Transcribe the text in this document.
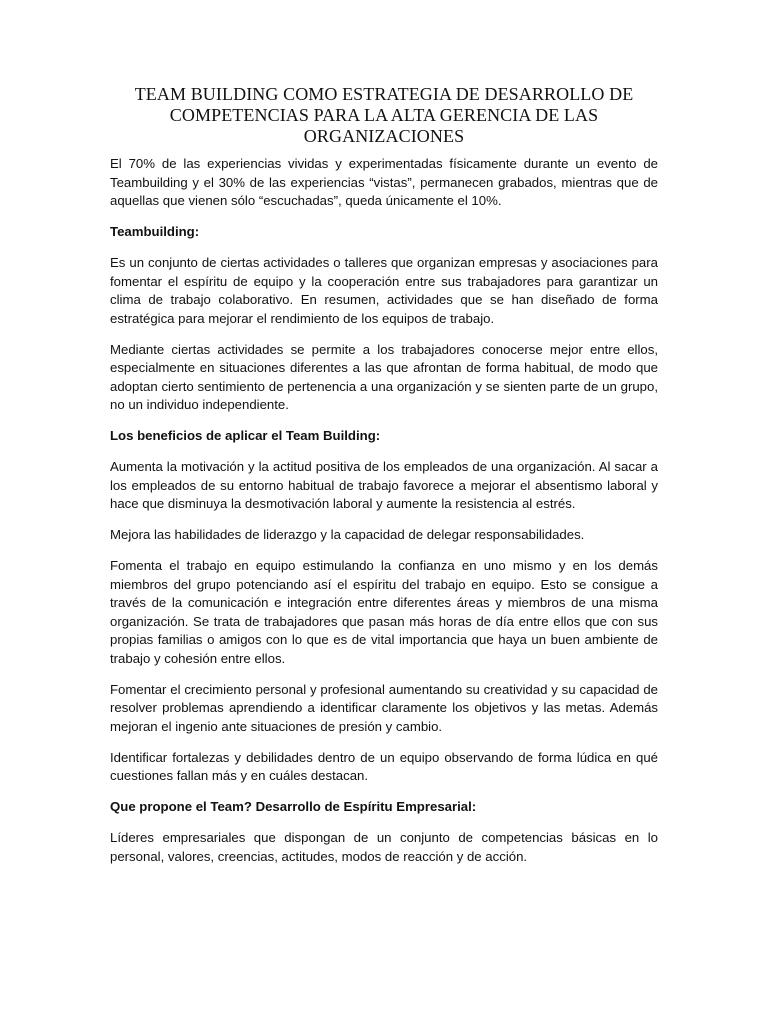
TEAM BUILDING COMO ESTRATEGIA DE DESARROLLO DE
COMPETENCIAS PARA LA ALTA GERENCIA DE LAS
ORGANIZACIONES

El 70% de las experiencias vividas y experimentadas físicamente durante un evento de Teambuilding y el 30% de las experiencias “vistas”, permanecen grabados, mientras que de aquellas que vienen sólo “escuchadas”, queda únicamente el 10%.

Teambuilding:

Es un conjunto de ciertas actividades o talleres que organizan empresas y asociaciones para fomentar el espíritu de equipo y la cooperación entre sus trabajadores para garantizar un clima de trabajo colaborativo. En resumen, actividades que se han diseñado de forma estratégica para mejorar el rendimiento de los equipos de trabajo.

Mediante ciertas actividades se permite a los trabajadores conocerse mejor entre ellos, especialmente en situaciones diferentes a las que afrontan de forma habitual, de modo que adoptan cierto sentimiento de pertenencia a una organización y se sienten parte de un grupo, no un individuo independiente.

Los beneficios de aplicar el Team Building:

Aumenta la motivación y la actitud positiva de los empleados de una organización. Al sacar a los empleados de su entorno habitual de trabajo favorece a mejorar el absentismo laboral y hace que disminuya la desmotivación laboral y aumente la resistencia al estrés.

Mejora las habilidades de liderazgo y la capacidad de delegar responsabilidades.

Fomenta el trabajo en equipo estimulando la confianza en uno mismo y en los demás miembros del grupo potenciando así el espíritu del trabajo en equipo. Esto se consigue a través de la comunicación e integración entre diferentes áreas y miembros de una misma organización. Se trata de trabajadores que pasan más horas de día entre ellos que con sus propias familias o amigos con lo que es de vital importancia que haya un buen ambiente de trabajo y cohesión entre ellos.

Fomentar el crecimiento personal y profesional aumentando su creatividad y su capacidad de resolver problemas aprendiendo a identificar claramente los objetivos y las metas. Además mejoran el ingenio ante situaciones de presión y cambio.

Identificar fortalezas y debilidades dentro de un equipo observando de forma lúdica en qué cuestiones fallan más y en cuáles destacan.

Que propone el Team? Desarrollo de Espíritu Empresarial:

Líderes empresariales que dispongan de un conjunto de competencias básicas en lo personal, valores, creencias, actitudes, modos de reacción y de acción.
